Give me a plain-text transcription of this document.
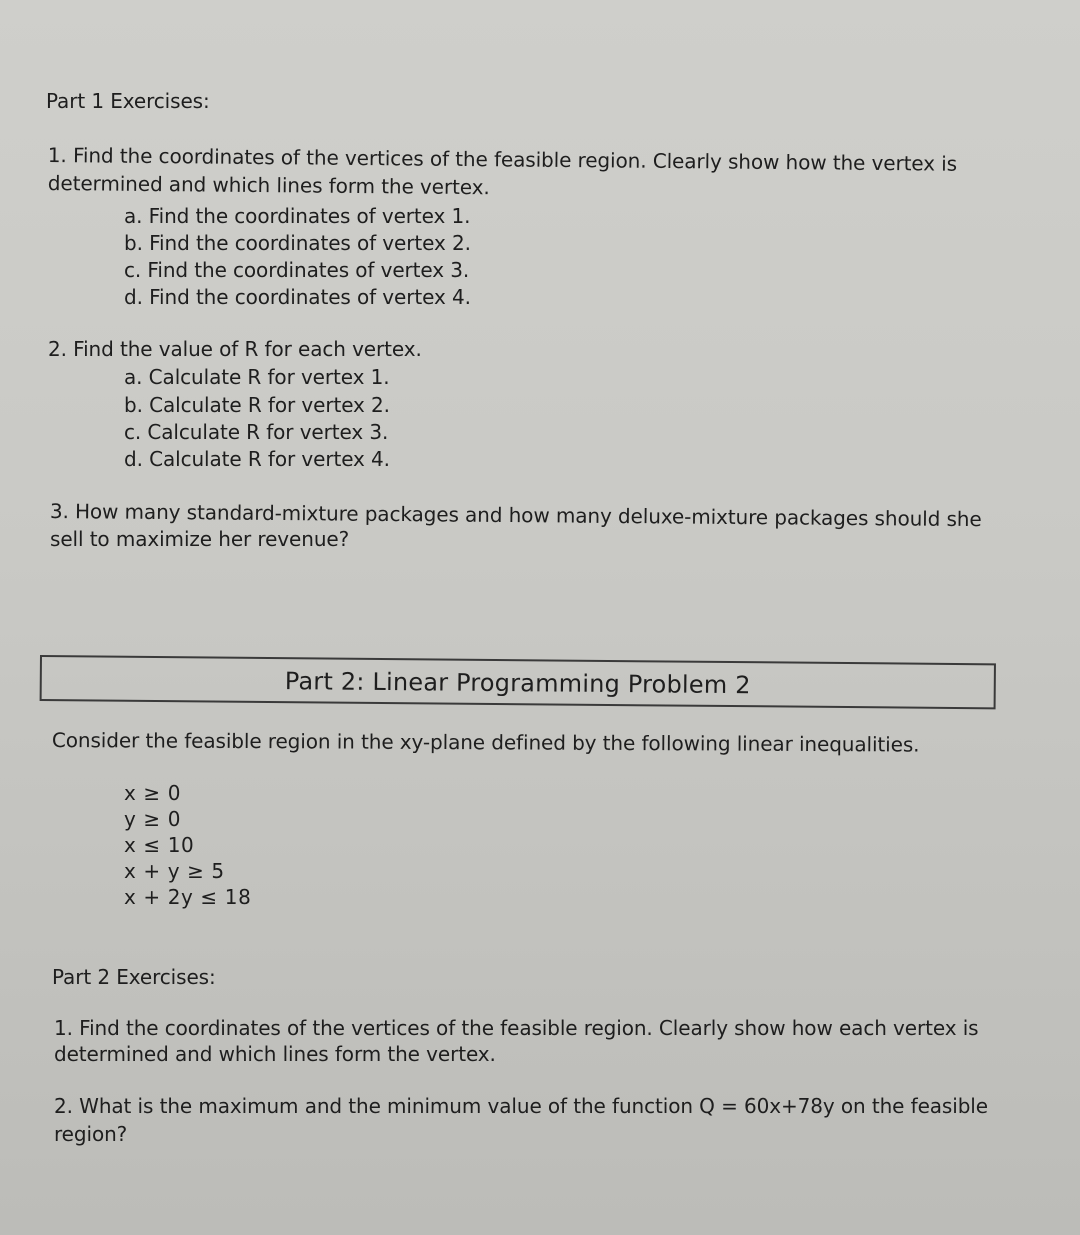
Part 1 Exercises:
1. Find the coordinates of the vertices of the feasible region. Clearly show how the vertex is
determined and which lines form the vertex.
a. Find the coordinates of vertex 1.
b. Find the coordinates of vertex 2.
c. Find the coordinates of vertex 3.
d. Find the coordinates of vertex 4.
2. Find the value of R for each vertex.
a. Calculate R for vertex 1.
b. Calculate R for vertex 2.
c. Calculate R for vertex 3.
d. Calculate R for vertex 4.
3. How many standard-mixture packages and how many deluxe-mixture packages should she
sell to maximize her revenue?
Part 2: Linear Programming Problem 2
Consider the feasible region in the xy-plane defined by the following linear inequalities.
x ≥ 0
y ≥ 0
x ≤ 10
x + y ≥ 5
x + 2y ≤ 18
Part 2 Exercises:
1. Find the coordinates of the vertices of the feasible region. Clearly show how each vertex is
determined and which lines form the vertex.
2. What is the maximum and the minimum value of the function Q = 60x+78y on the feasible
region?
